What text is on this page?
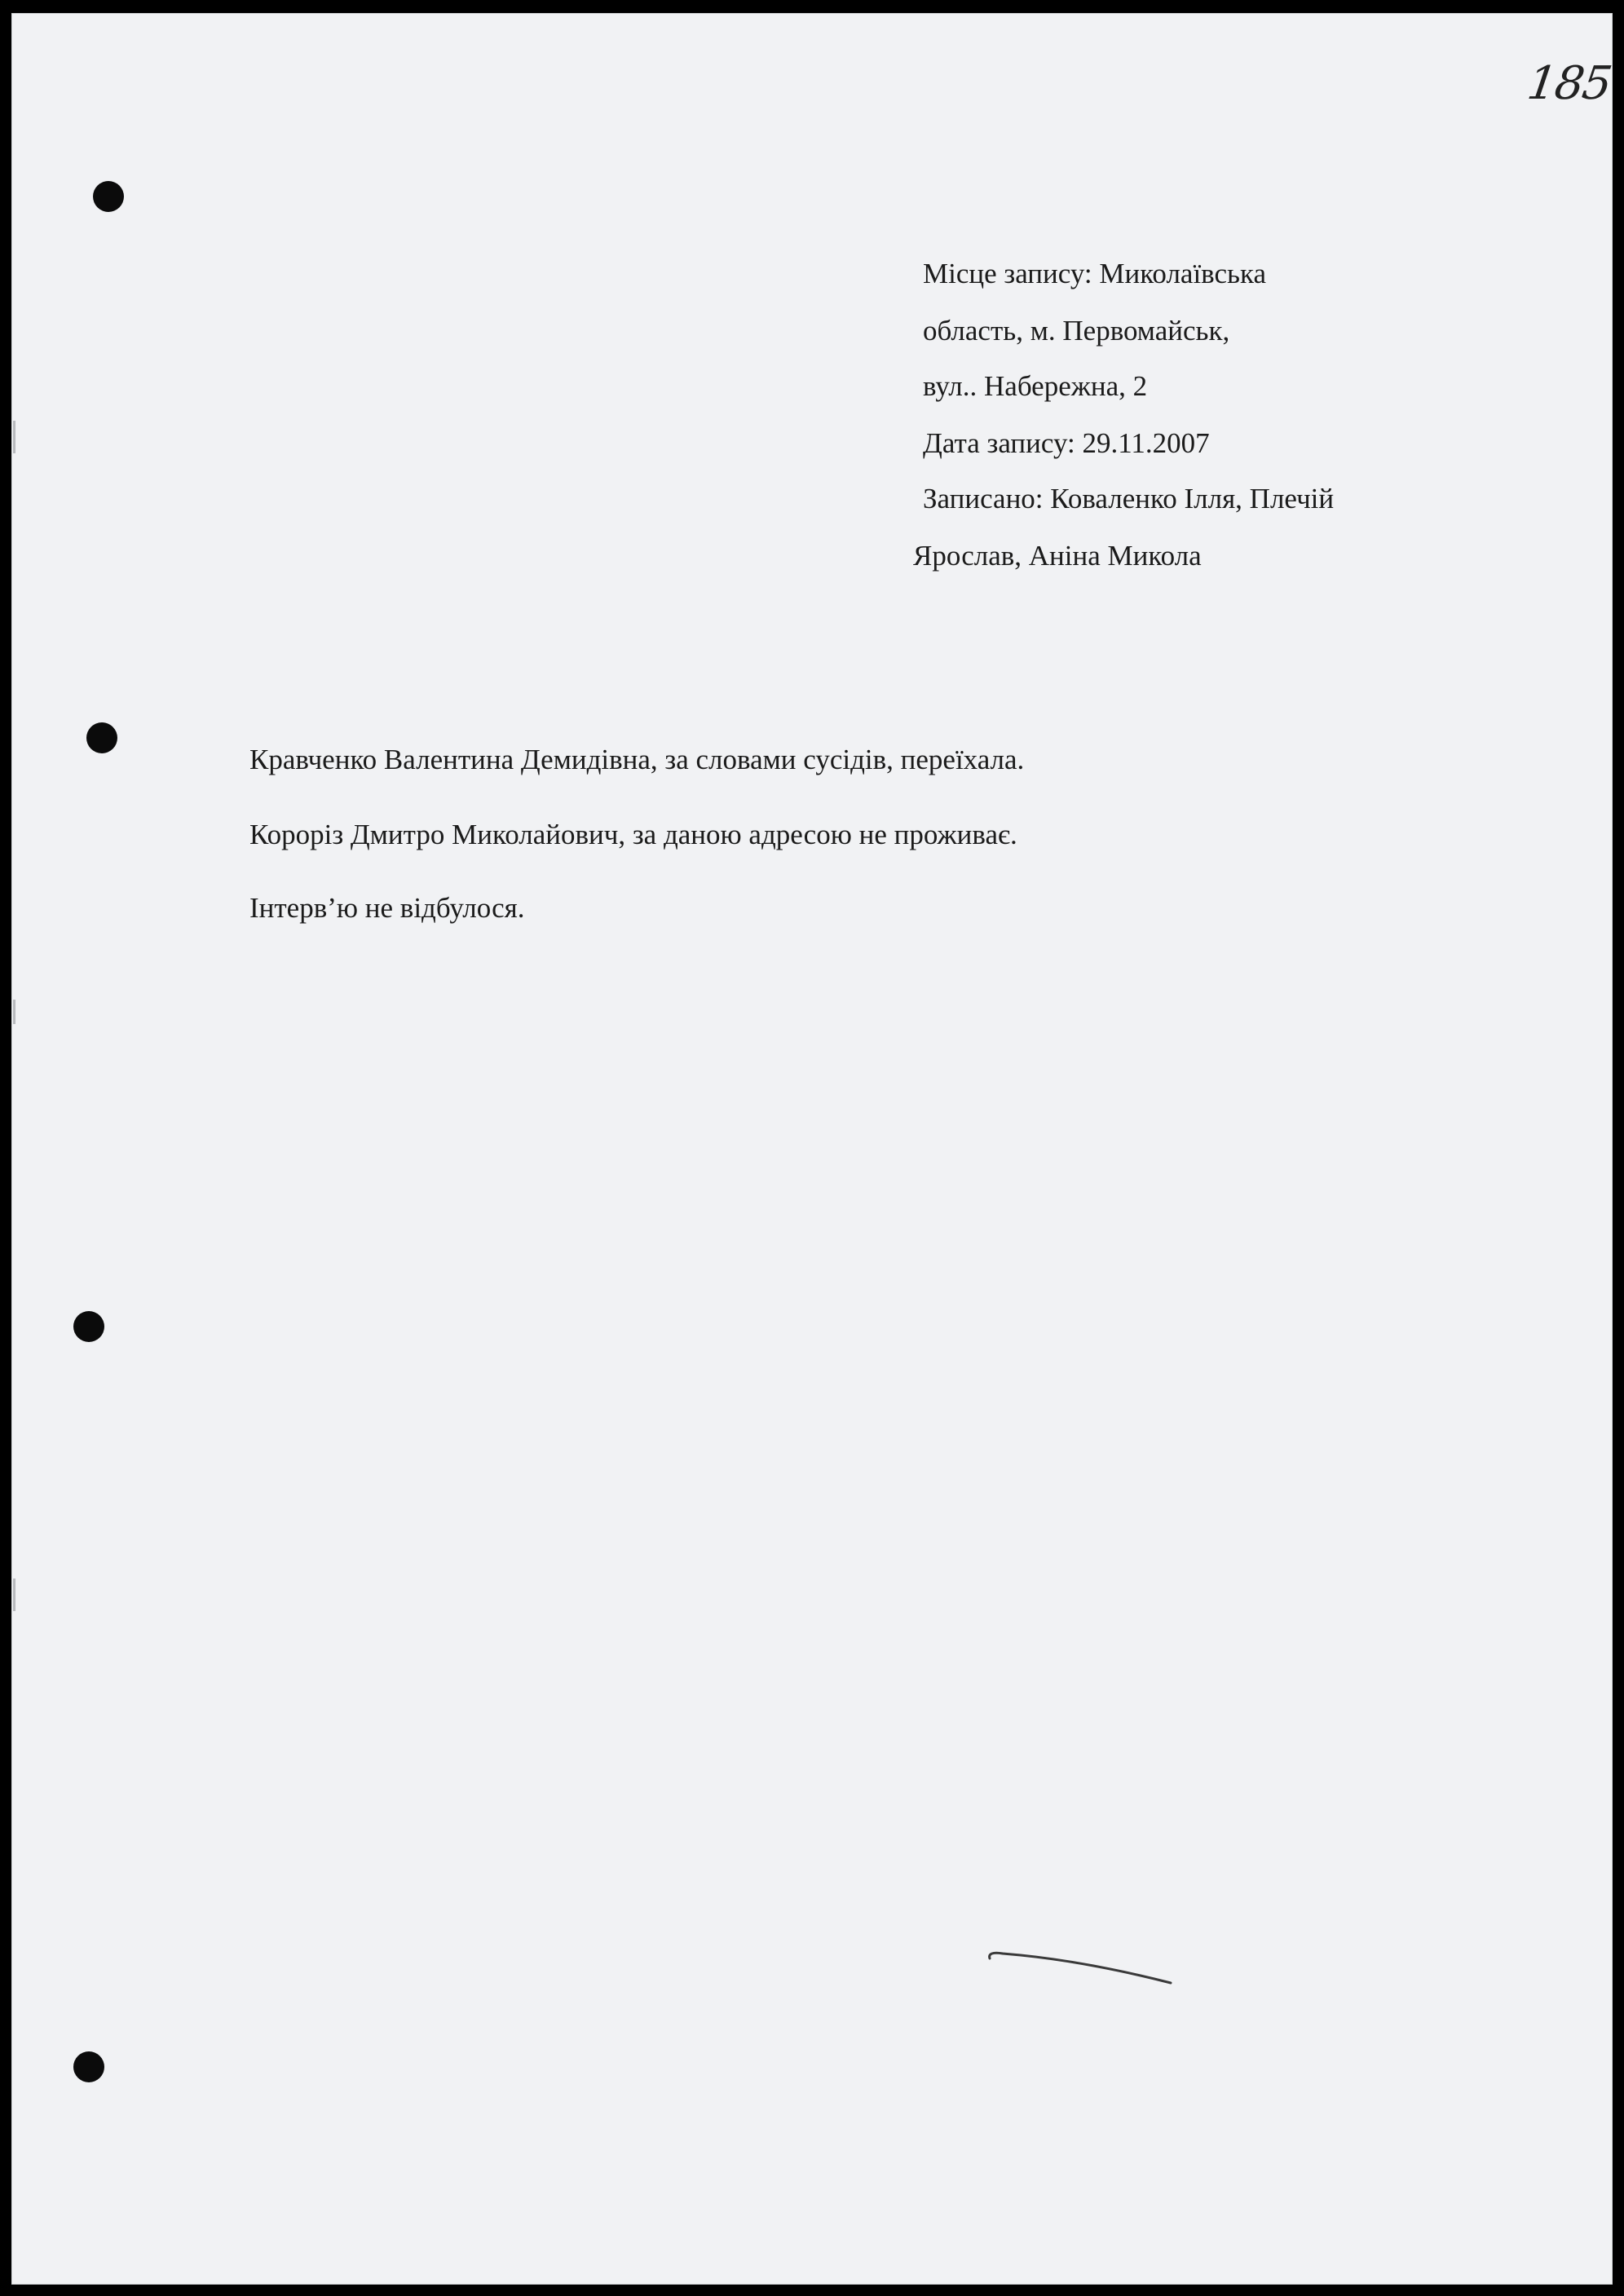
185
Місце запису: Миколаївська
область, м. Первомайськ,
вул.. Набережна, 2
Дата запису: 29.11.2007
Записано: Коваленко Ілля, Плечій
Ярослав, Аніна Микола
Кравченко Валентина Демидівна, за словами сусідів, переїхала.
Короріз Дмитро Миколайович, за даною адресою не проживає.
Інтерв’ю не відбулося.
